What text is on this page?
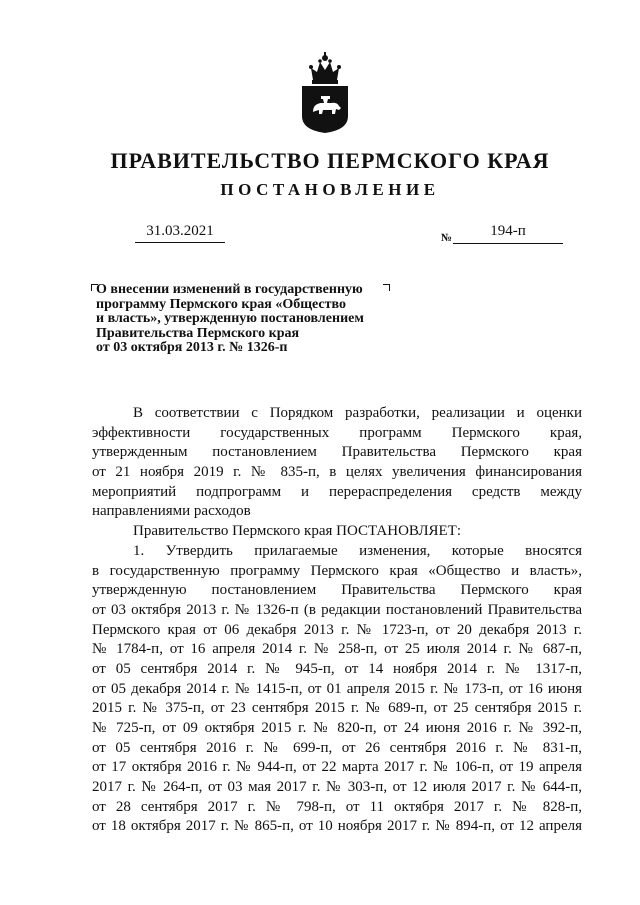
ПРАВИТЕЛЬСТВО ПЕРМСКОГО КРАЯ
ПОСТАНОВЛЕНИЕ
31.03.2021	№	194-п
О внесении изменений в государственную
программу Пермского края «Общество
и власть», утвержденную постановлением
Правительства Пермского края
от 03 октября 2013 г. № 1326-п
В соответствии с Порядком разработки, реализации и оценки
эффективности государственных программ Пермского края,
утвержденным постановлением Правительства Пермского края
от 21 ноября 2019 г. № 835-п, в целях увеличения финансирования
мероприятий подпрограмм и перераспределения средств между
направлениями расходов
Правительство Пермского края ПОСТАНОВЛЯЕТ:
1. Утвердить прилагаемые изменения, которые вносятся
в государственную программу Пермского края «Общество и власть»,
утвержденную постановлением Правительства Пермского края
от 03 октября 2013 г. № 1326-п (в редакции постановлений Правительства
Пермского края от 06 декабря 2013 г. № 1723-п, от 20 декабря 2013 г.
№ 1784-п, от 16 апреля 2014 г. № 258-п, от 25 июля 2014 г. № 687-п,
от 05 сентября 2014 г. № 945-п, от 14 ноября 2014 г. № 1317-п,
от 05 декабря 2014 г. № 1415-п, от 01 апреля 2015 г. № 173-п, от 16 июня
2015 г. № 375-п, от 23 сентября 2015 г. № 689-п, от 25 сентября 2015 г.
№ 725-п, от 09 октября 2015 г. № 820-п, от 24 июня 2016 г. № 392-п,
от 05 сентября 2016 г. № 699-п, от 26 сентября 2016 г. № 831-п,
от 17 октября 2016 г. № 944-п, от 22 марта 2017 г. № 106-п, от 19 апреля
2017 г. № 264-п, от 03 мая 2017 г. № 303-п, от 12 июля 2017 г. № 644-п,
от 28 сентября 2017 г. № 798-п, от 11 октября 2017 г. № 828-п,
от 18 октября 2017 г. № 865-п, от 10 ноября 2017 г. № 894-п, от 12 апреля
